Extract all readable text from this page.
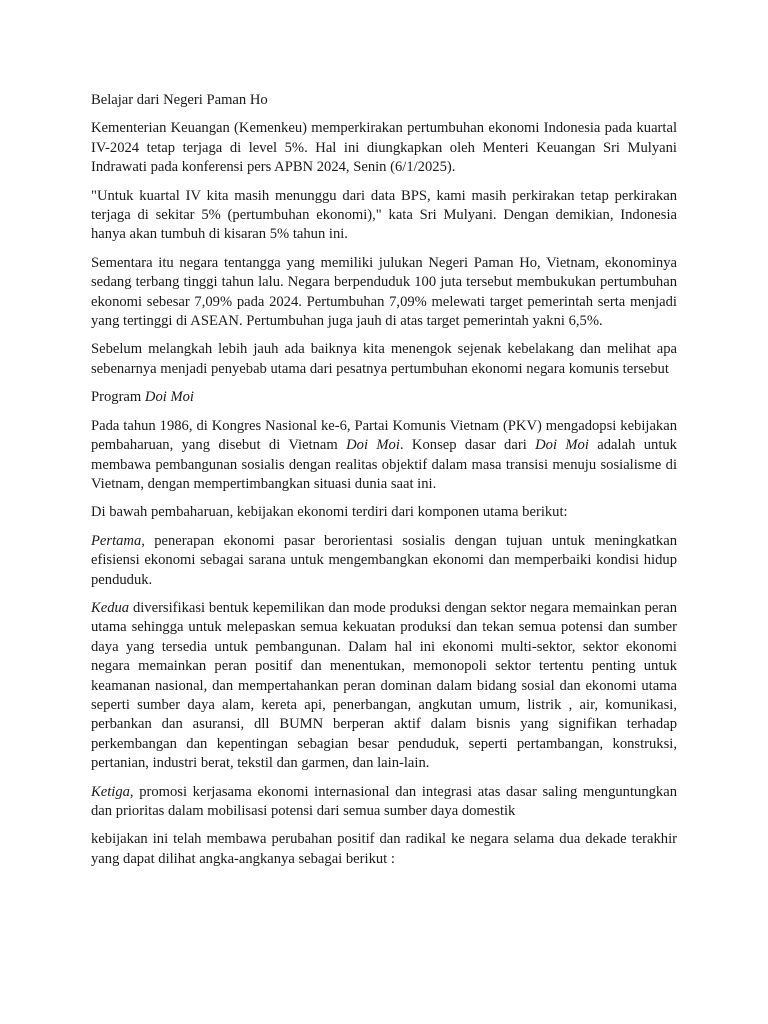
Belajar dari Negeri Paman Ho

Kementerian Keuangan (Kemenkeu) memperkirakan pertumbuhan ekonomi Indonesia pada kuartal IV-2024 tetap terjaga di level 5%. Hal ini diungkapkan oleh Menteri Keuangan Sri Mulyani Indrawati pada konferensi pers APBN 2024, Senin (6/1/2025).

"Untuk kuartal IV kita masih menunggu dari data BPS, kami masih perkirakan tetap perkirakan terjaga di sekitar 5% (pertumbuhan ekonomi)," kata Sri Mulyani. Dengan demikian, Indonesia hanya akan tumbuh di kisaran 5% tahun ini.

Sementara itu negara tentangga yang memiliki julukan Negeri Paman Ho, Vietnam, ekonominya sedang terbang tinggi tahun lalu. Negara berpenduduk 100 juta tersebut membukukan pertumbuhan ekonomi sebesar 7,09% pada 2024. Pertumbuhan 7,09% melewati target pemerintah serta menjadi yang tertinggi di ASEAN. Pertumbuhan juga jauh di atas target pemerintah yakni 6,5%.

Sebelum melangkah lebih jauh ada baiknya kita menengok sejenak kebelakang dan melihat apa sebenarnya menjadi penyebab utama dari pesatnya pertumbuhan ekonomi negara komunis tersebut

Program Doi Moi

Pada tahun 1986, di Kongres Nasional ke-6, Partai Komunis Vietnam (PKV) mengadopsi kebijakan pembaharuan, yang disebut di Vietnam Doi Moi. Konsep dasar dari Doi Moi adalah untuk membawa pembangunan sosialis dengan realitas objektif dalam masa transisi menuju sosialisme di Vietnam, dengan mempertimbangkan situasi dunia saat ini.

Di bawah pembaharuan, kebijakan ekonomi terdiri dari komponen utama berikut:

Pertama, penerapan ekonomi pasar berorientasi sosialis dengan tujuan untuk meningkatkan efisiensi ekonomi sebagai sarana untuk mengembangkan ekonomi dan memperbaiki kondisi hidup penduduk.

Kedua diversifikasi bentuk kepemilikan dan mode produksi dengan sektor negara memainkan peran utama sehingga untuk melepaskan semua kekuatan produksi dan tekan semua potensi dan sumber daya yang tersedia untuk pembangunan. Dalam hal ini ekonomi multi-sektor, sektor ekonomi negara memainkan peran positif dan menentukan, memonopoli sektor tertentu penting untuk keamanan nasional, dan mempertahankan peran dominan dalam bidang sosial dan ekonomi utama seperti sumber daya alam, kereta api, penerbangan, angkutan umum, listrik , air, komunikasi, perbankan dan asuransi, dll BUMN berperan aktif dalam bisnis yang signifikan terhadap perkembangan dan kepentingan sebagian besar penduduk, seperti pertambangan, konstruksi, pertanian, industri berat, tekstil dan garmen, dan lain-lain.

Ketiga, promosi kerjasama ekonomi internasional dan integrasi atas dasar saling menguntungkan dan prioritas dalam mobilisasi potensi dari semua sumber daya domestik

kebijakan ini telah membawa perubahan positif dan radikal ke negara selama dua dekade terakhir yang dapat dilihat angka-angkanya sebagai berikut :
